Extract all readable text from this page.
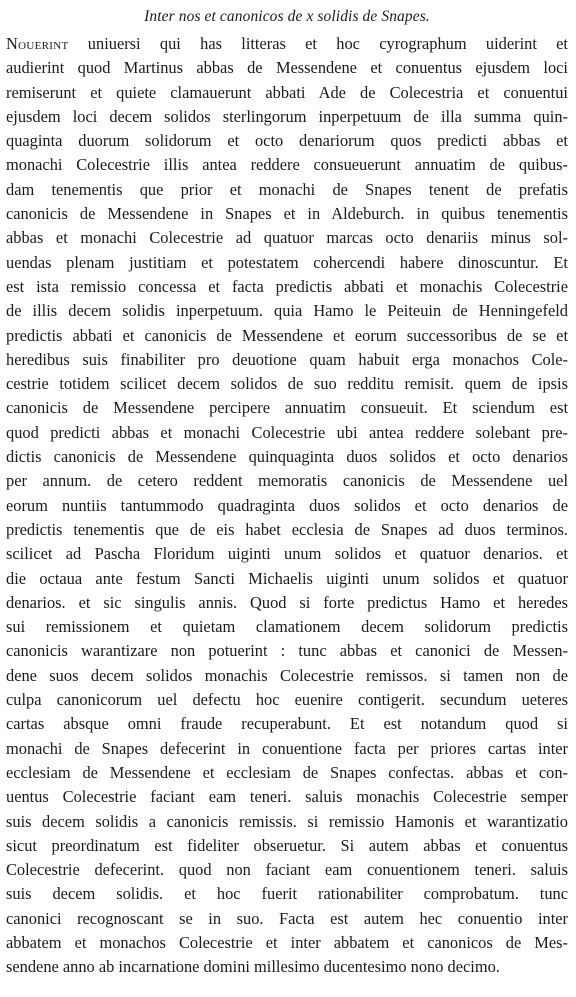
Inter nos et canonicos de x solidis de Snapes.
Nouerint uniuersi qui has litteras et hoc cyrographum uiderint et
audierint quod Martinus abbas de Messendene et conuentus ejusdem loci
remiserunt et quiete clamauerunt abbati Ade de Colecestria et conuentui
ejusdem loci decem solidos sterlingorum inperpetuum de illa summa quin-
quaginta duorum solidorum et octo denariorum quos predicti abbas et
monachi Colecestrie illis antea reddere consueuerunt annuatim de quibus-
dam tenementis que prior et monachi de Snapes tenent de prefatis
canonicis de Messendene in Snapes et in Aldeburch. in quibus tenementis
abbas et monachi Colecestrie ad quatuor marcas octo denariis minus sol-
uendas plenam justitiam et potestatem cohercendi habere dinoscuntur. Et
est ista remissio concessa et facta predictis abbati et monachis Colecestrie
de illis decem solidis inperpetuum. quia Hamo le Peiteuin de Henningefeld
predictis abbati et canonicis de Messendene et eorum successoribus de se et
heredibus suis finabiliter pro deuotione quam habuit erga monachos Cole-
cestrie totidem scilicet decem solidos de suo redditu remisit. quem de ipsis
canonicis de Messendene percipere annuatim consueuit. Et sciendum est
quod predicti abbas et monachi Colecestrie ubi antea reddere solebant pre-
dictis canonicis de Messendene quinquaginta duos solidos et octo denarios
per annum. de cetero reddent memoratis canonicis de Messendene uel
eorum nuntiis tantummodo quadraginta duos solidos et octo denarios de
predictis tenementis que de eis habet ecclesia de Snapes ad duos terminos.
scilicet ad Pascha Floridum uiginti unum solidos et quatuor denarios. et
die octaua ante festum Sancti Michaelis uiginti unum solidos et quatuor
denarios. et sic singulis annis. Quod si forte predictus Hamo et heredes
sui remissionem et quietam clamationem decem solidorum predictis
canonicis warantizare non potuerint : tunc abbas et canonici de Messen-
dene suos decem solidos monachis Colecestrie remissos. si tamen non de
culpa canonicorum uel defectu hoc euenire contigerit. secundum ueteres
cartas absque omni fraude recuperabunt. Et est notandum quod si
monachi de Snapes defecerint in conuentione facta per priores cartas inter
ecclesiam de Messendene et ecclesiam de Snapes confectas. abbas et con-
uentus Colecestrie faciant eam teneri. saluis monachis Colecestrie semper
suis decem solidis a canonicis remissis. si remissio Hamonis et warantizatio
sicut preordinatum est fideliter obseruetur. Si autem abbas et conuentus
Colecestrie defecerint. quod non faciant eam conuentionem teneri. saluis
suis decem solidis. et hoc fuerit rationabiliter comprobatum. tunc
canonici recognoscant se in suo. Facta est autem hec conuentio inter
abbatem et monachos Colecestrie et inter abbatem et canonicos de Mes-
sendene anno ab incarnatione domini millesimo ducentesimo nono decimo.
